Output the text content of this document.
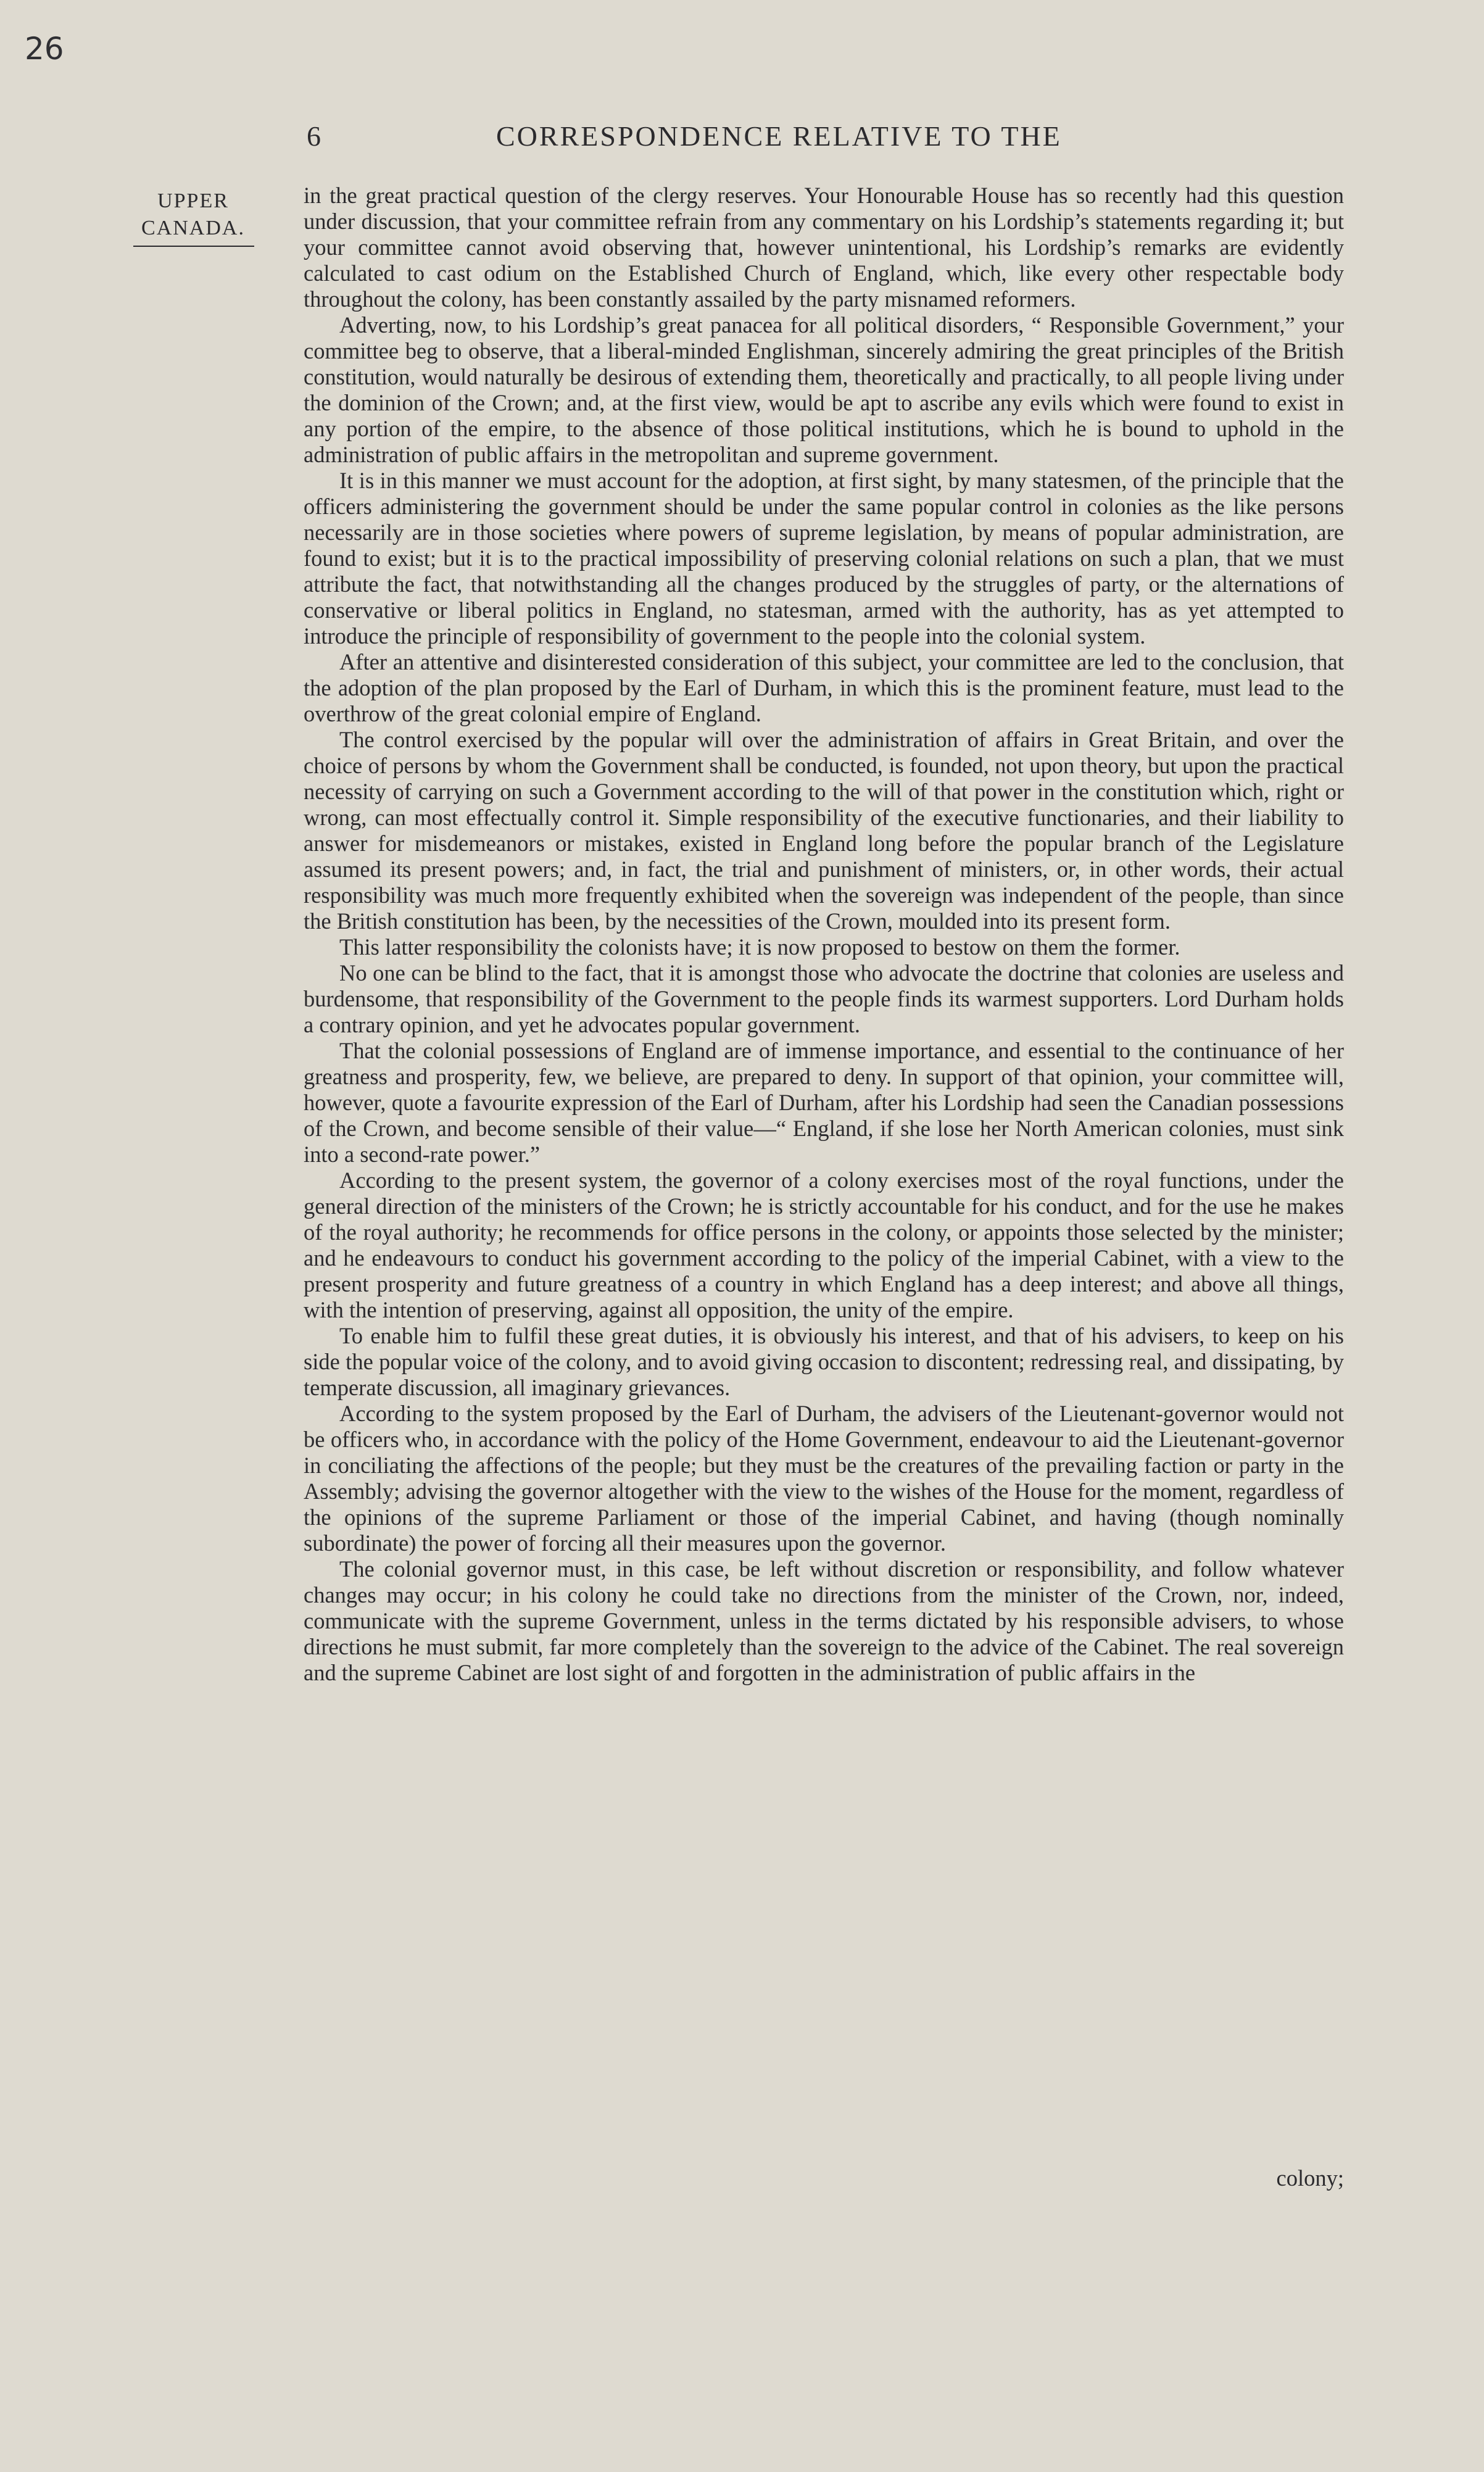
26
6	CORRESPONDENCE RELATIVE TO THE
UPPER
CANADA.

in the great practical question of the clergy reserves. Your Honourable House has so recently had this question under discussion, that your committee refrain from any commentary on his Lordship’s statements regarding it; but your committee cannot avoid observing that, however unintentional, his Lordship’s remarks are evidently calculated to cast odium on the Established Church of England, which, like every other respectable body throughout the colony, has been constantly assailed by the party misnamed reformers.

Adverting, now, to his Lordship’s great panacea for all political disorders, “ Responsible Government,” your committee beg to observe, that a liberal-minded Englishman, sincerely admiring the great principles of the British constitution, would naturally be desirous of extending them, theoretically and practically, to all people living under the dominion of the Crown; and, at the first view, would be apt to ascribe any evils which were found to exist in any portion of the empire, to the absence of those political institutions, which he is bound to uphold in the administration of public affairs in the metropolitan and supreme government.

It is in this manner we must account for the adoption, at first sight, by many statesmen, of the principle that the officers administering the government should be under the same popular control in colonies as the like persons necessarily are in those societies where powers of supreme legislation, by means of popular administration, are found to exist; but it is to the practical impossibility of preserving colonial relations on such a plan, that we must attribute the fact, that notwithstanding all the changes produced by the struggles of party, or the alternations of conservative or liberal politics in England, no statesman, armed with the authority, has as yet attempted to introduce the principle of responsibility of government to the people into the colonial system.

After an attentive and disinterested consideration of this subject, your committee are led to the conclusion, that the adoption of the plan proposed by the Earl of Durham, in which this is the prominent feature, must lead to the overthrow of the great colonial empire of England.

The control exercised by the popular will over the administration of affairs in Great Britain, and over the choice of persons by whom the Government shall be conducted, is founded, not upon theory, but upon the practical necessity of carrying on such a Government according to the will of that power in the constitution which, right or wrong, can most effectually control it. Simple responsibility of the executive functionaries, and their liability to answer for misdemeanors or mistakes, existed in England long before the popular branch of the Legislature assumed its present powers; and, in fact, the trial and punishment of ministers, or, in other words, their actual responsibility was much more frequently exhibited when the sovereign was independent of the people, than since the British constitution has been, by the necessities of the Crown, moulded into its present form.

This latter responsibility the colonists have; it is now proposed to bestow on them the former.

No one can be blind to the fact, that it is amongst those who advocate the doctrine that colonies are useless and burdensome, that responsibility of the Government to the people finds its warmest supporters. Lord Durham holds a contrary opinion, and yet he advocates popular government.

That the colonial possessions of England are of immense importance, and essential to the continuance of her greatness and prosperity, few, we believe, are prepared to deny. In support of that opinion, your committee will, however, quote a favourite expression of the Earl of Durham, after his Lordship had seen the Canadian possessions of the Crown, and become sensible of their value—“ England, if she lose her North American colonies, must sink into a second-rate power.”

According to the present system, the governor of a colony exercises most of the royal functions, under the general direction of the ministers of the Crown; he is strictly accountable for his conduct, and for the use he makes of the royal authority; he recommends for office persons in the colony, or appoints those selected by the minister; and he endeavours to conduct his government according to the policy of the imperial Cabinet, with a view to the present prosperity and future greatness of a country in which England has a deep interest; and above all things, with the intention of preserving, against all opposition, the unity of the empire.

To enable him to fulfil these great duties, it is obviously his interest, and that of his advisers, to keep on his side the popular voice of the colony, and to avoid giving occasion to discontent; redressing real, and dissipating, by temperate discussion, all imaginary grievances.

According to the system proposed by the Earl of Durham, the advisers of the Lieutenant-governor would not be officers who, in accordance with the policy of the Home Government, endeavour to aid the Lieutenant-governor in conciliating the affections of the people; but they must be the creatures of the prevailing faction or party in the Assembly; advising the governor altogether with the view to the wishes of the House for the moment, regardless of the opinions of the supreme Parliament or those of the imperial Cabinet, and having (though nominally subordinate) the power of forcing all their measures upon the governor.

The colonial governor must, in this case, be left without discretion or responsibility, and follow whatever changes may occur; in his colony he could take no directions from the minister of the Crown, nor, indeed, communicate with the supreme Government, unless in the terms dictated by his responsible advisers, to whose directions he must submit, far more completely than the sovereign to the advice of the Cabinet. The real sovereign and the supreme Cabinet are lost sight of and forgotten in the administration of public affairs in the

colony;
